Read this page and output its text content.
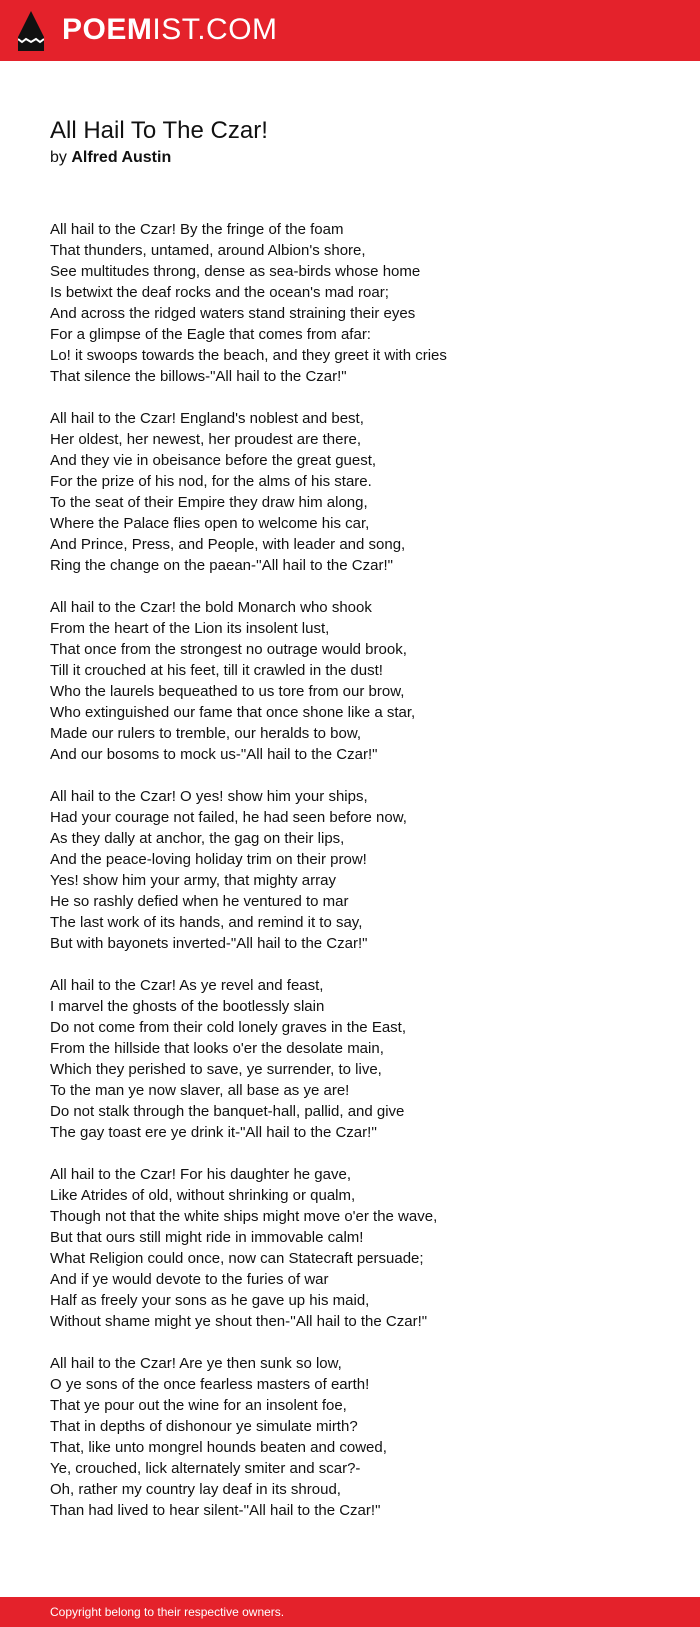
POEMIST.COM
All Hail To The Czar!
by Alfred Austin
All hail to the Czar! By the fringe of the foam
That thunders, untamed, around Albion's shore,
See multitudes throng, dense as sea-birds whose home
Is betwixt the deaf rocks and the ocean's mad roar;
And across the ridged waters stand straining their eyes
For a glimpse of the Eagle that comes from afar:
Lo! it swoops towards the beach, and they greet it with cries
That silence the billows-"All hail to the Czar!"
All hail to the Czar! England's noblest and best,
Her oldest, her newest, her proudest are there,
And they vie in obeisance before the great guest,
For the prize of his nod, for the alms of his stare.
To the seat of their Empire they draw him along,
Where the Palace flies open to welcome his car,
And Prince, Press, and People, with leader and song,
Ring the change on the paean-''All hail to the Czar!"
All hail to the Czar! the bold Monarch who shook
From the heart of the Lion its insolent lust,
That once from the strongest no outrage would brook,
Till it crouched at his feet, till it crawled in the dust!
Who the laurels bequeathed to us tore from our brow,
Who extinguished our fame that once shone like a star,
Made our rulers to tremble, our heralds to bow,
And our bosoms to mock us-"All hail to the Czar!"
All hail to the Czar! O yes! show him your ships,
Had your courage not failed, he had seen before now,
As they dally at anchor, the gag on their lips,
And the peace-loving holiday trim on their prow!
Yes! show him your army, that mighty array
He so rashly defied when he ventured to mar
The last work of its hands, and remind it to say,
But with bayonets inverted-"All hail to the Czar!"
All hail to the Czar! As ye revel and feast,
I marvel the ghosts of the bootlessly slain
Do not come from their cold lonely graves in the East,
From the hillside that looks o'er the desolate main,
Which they perished to save, ye surrender, to live,
To the man ye now slaver, all base as ye are!
Do not stalk through the banquet-hall, pallid, and give
The gay toast ere ye drink it-"All hail to the Czar!''
All hail to the Czar! For his daughter he gave,
Like Atrides of old, without shrinking or qualm,
Though not that the white ships might move o'er the wave,
But that ours still might ride in immovable calm!
What Religion could once, now can Statecraft persuade;
And if ye would devote to the furies of war
Half as freely your sons as he gave up his maid,
Without shame might ye shout then-''All hail to the Czar!"
All hail to the Czar! Are ye then sunk so low,
O ye sons of the once fearless masters of earth!
That ye pour out the wine for an insolent foe,
That in depths of dishonour ye simulate mirth?
That, like unto mongrel hounds beaten and cowed,
Ye, crouched, lick alternately smiter and scar?-
Oh, rather my country lay deaf in its shroud,
Than had lived to hear silent-''All hail to the Czar!"
Copyright belong to their respective owners.
